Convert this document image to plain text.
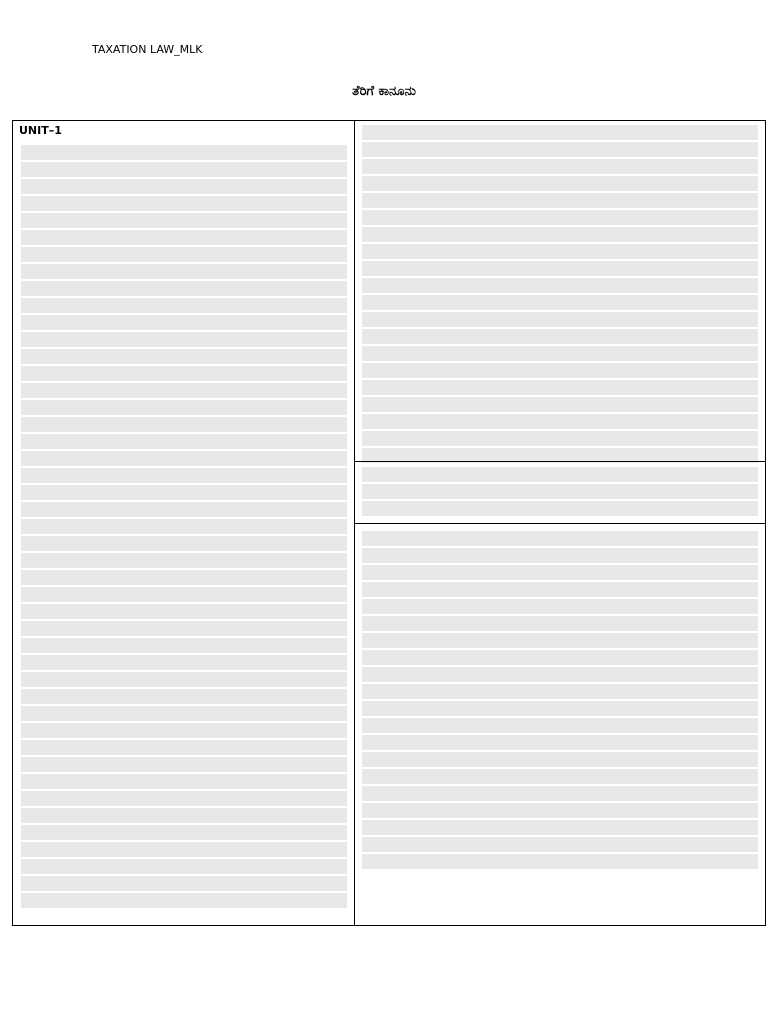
TAXATION LAW_MLK
ತೆರಿಗೆ ಕಾನೂನು
UNIT–1
